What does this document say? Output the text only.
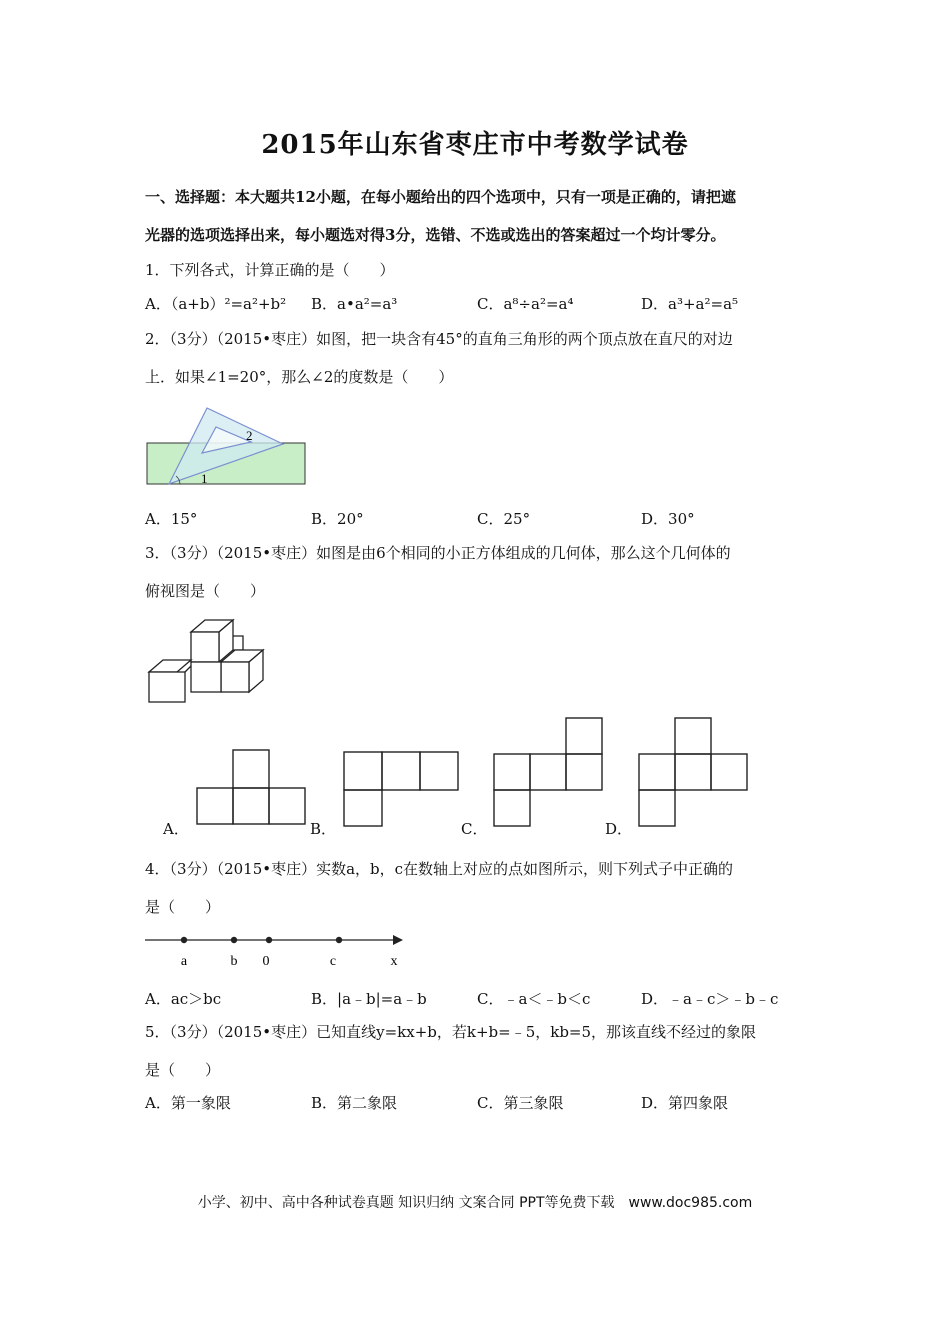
2015年山东省枣庄市中考数学试卷
一、选择题：本大题共12小题，在每小题给出的四个选项中，只有一项是正确的，请把遮
光器的选项选择出来，每小题选对得3分，选错、不选或选出的答案超过一个均计零分。
1．下列各式，计算正确的是（　　）
A．（a+b）²=a²+b² B．a•a²=a³	C．a⁸÷a²=a⁴	D．a³+a²=a⁵
2．（3分）（2015•枣庄）如图，把一块含有45°的直角三角形的两个顶点放在直尺的对边
上．如果∠1=20°，那么∠2的度数是（　　）
1
2
A．15°	B．20°	C．25°	D．30°
3．（3分）（2015•枣庄）如图是由6个相同的小正方体组成的几何体，那么这个几何体的
俯视图是（　　）
A．	B．	C．	D．
4．（3分）（2015•枣庄）实数a，b，c在数轴上对应的点如图所示，则下列式子中正确的
是（　　）
a	b 0	c	x
A．ac＞bc	B．|a﹣b|=a﹣b	C．﹣a＜﹣b＜c	D．﹣a﹣c＞﹣b﹣c
5．（3分）（2015•枣庄）已知直线y=kx+b，若k+b=﹣5，kb=5，那该直线不经过的象限
是（　　）
A．第一象限	B．第二象限	C．第三象限	D．第四象限
小学、初中、高中各种试卷真题 知识归纳 文案合同 PPT等免费下载　www.doc985.com
